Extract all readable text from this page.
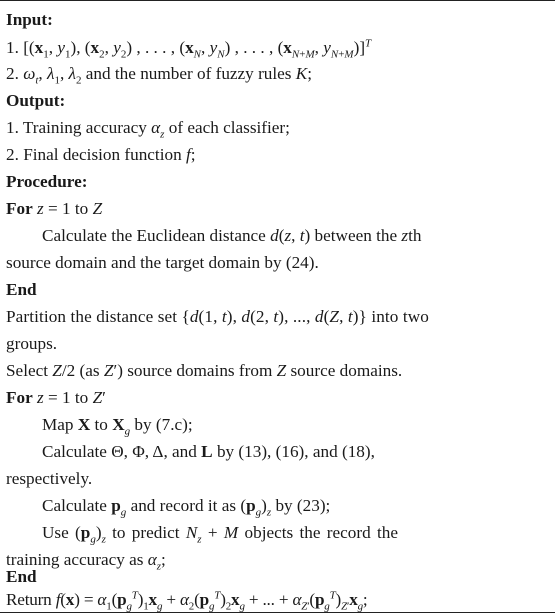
Input:
1. [($x_1$, $y_1$), ($x_2$, $y_2$) , . . . , ($x_N$, $y_N$) , . . . , ($x_{N+M}$, $y_{N+M})]^T$
2. $\omega_t$, $\lambda_1$, $\lambda_2$ and the number of fuzzy rules K;
Output:
1. Training accuracy $\alpha_z$ of each classifier;
2. Final decision function f;
Procedure:
For z = 1 to Z
Calculate the Euclidean distance d(z, t) between the zth
source domain and the target domain by (24).
End
Partition the distance set {d(1, t), d(2, t), ..., d(Z, t)} into two
groups.
Select Z/2 (as Z′) source domains from Z source domains.
For z = 1 to Z′
Map X to $X_g$ by (7.c);
Calculate Θ, Φ, Δ, and L by (13), (16), and (18),
respectively.
Calculate $p_g$ and record it as $(p_g)_z$ by (23);
Use $(p_g)_z$ to predict $N_z + M$ objects the record the
training accuracy as $\alpha_z$;
End
Return $f(x) = \alpha_1(p_g^T)_1x_g + \alpha_2(p_g^T)_2x_g$ + ... + $\alpha_{Z'}(p_g^T)_{Z'}x_g$;
